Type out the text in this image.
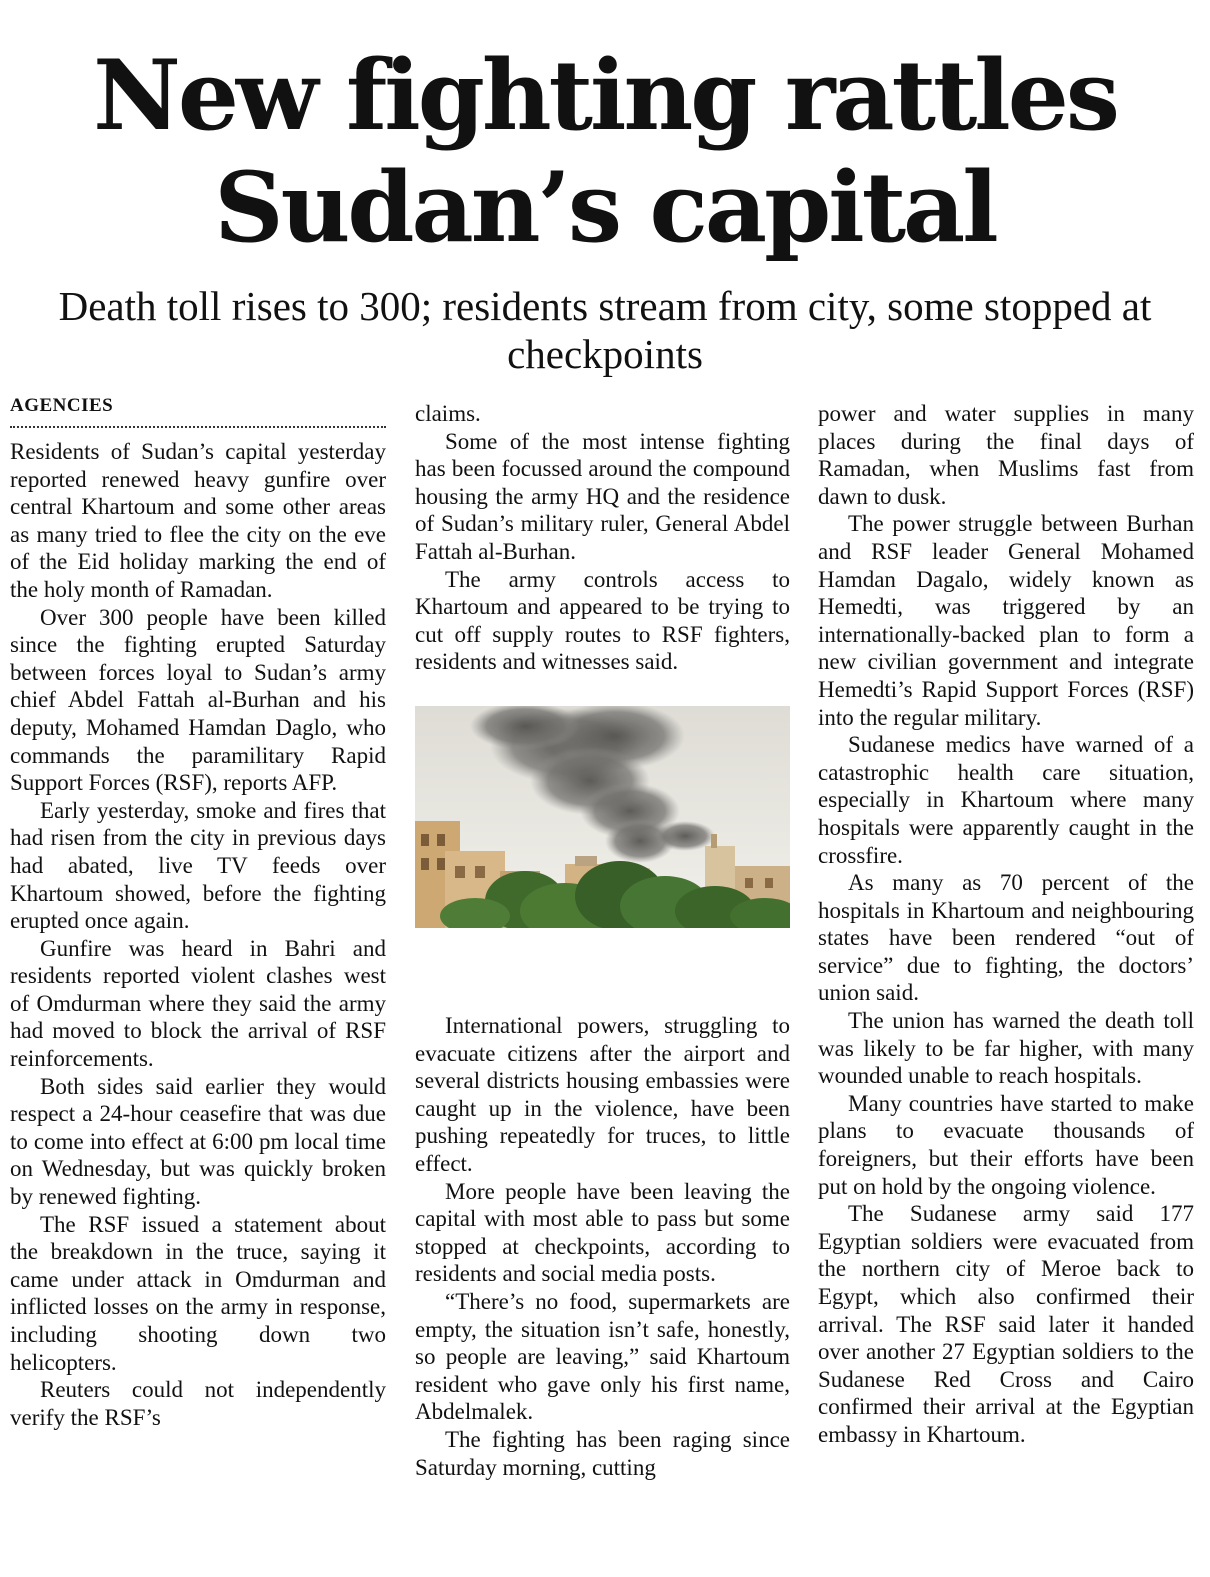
New fighting rattles Sudan’s capital

Death toll rises to 300; residents stream from city, some stopped at checkpoints

AGENCIES

Residents of Sudan’s capital yesterday reported renewed heavy gunfire over central Khartoum and some other areas as many tried to flee the city on the eve of the Eid holiday marking the end of the holy month of Ramadan.

Over 300 people have been killed since the fighting erupted Saturday between forces loyal to Sudan’s army chief Abdel Fattah al-Burhan and his deputy, Mohamed Hamdan Daglo, who commands the paramilitary Rapid Support Forces (RSF), reports AFP.

Early yesterday, smoke and fires that had risen from the city in previous days had abated, live TV feeds over Khartoum showed, before the fighting erupted once again.

Gunfire was heard in Bahri and residents reported violent clashes west of Omdurman where they said the army had moved to block the arrival of RSF reinforcements.

Both sides said earlier they would respect a 24-hour ceasefire that was due to come into effect at 6:00 pm local time on Wednesday, but was quickly broken by renewed fighting.

The RSF issued a statement about the breakdown in the truce, saying it came under attack in Omdurman and inflicted losses on the army in response, including shooting down two helicopters.

Reuters could not independently verify the RSF’s

claims.

Some of the most intense fighting has been focussed around the compound housing the army HQ and the residence of Sudan’s military ruler, General Abdel Fattah al-Burhan.

The army controls access to Khartoum and appeared to be trying to cut off supply routes to RSF fighters, residents and witnesses said.

International powers, struggling to evacuate citizens after the airport and several districts housing embassies were caught up in the violence, have been pushing repeatedly for truces, to little effect.

More people have been leaving the capital with most able to pass but some stopped at checkpoints, according to residents and social media posts.

“There’s no food, supermarkets are empty, the situation isn’t safe, honestly, so people are leaving,” said Khartoum resident who gave only his first name, Abdelmalek.

The fighting has been raging since Saturday morning, cutting

power and water supplies in many places during the final days of Ramadan, when Muslims fast from dawn to dusk.

The power struggle between Burhan and RSF leader General Mohamed Hamdan Dagalo, widely known as Hemedti, was triggered by an internationally-backed plan to form a new civilian government and integrate Hemedti’s Rapid Support Forces (RSF) into the regular military.

Sudanese medics have warned of a catastrophic health care situation, especially in Khartoum where many hospitals were apparently caught in the crossfire.

As many as 70 percent of the hospitals in Khartoum and neighbouring states have been rendered “out of service” due to fighting, the doctors’ union said.

The union has warned the death toll was likely to be far higher, with many wounded unable to reach hospitals.

Many countries have started to make plans to evacuate thousands of foreigners, but their efforts have been put on hold by the ongoing violence.

The Sudanese army said 177 Egyptian soldiers were evacuated from the northern city of Meroe back to Egypt, which also confirmed their arrival. The RSF said later it handed over another 27 Egyptian soldiers to the Sudanese Red Cross and Cairo confirmed their arrival at the Egyptian embassy in Khartoum.
